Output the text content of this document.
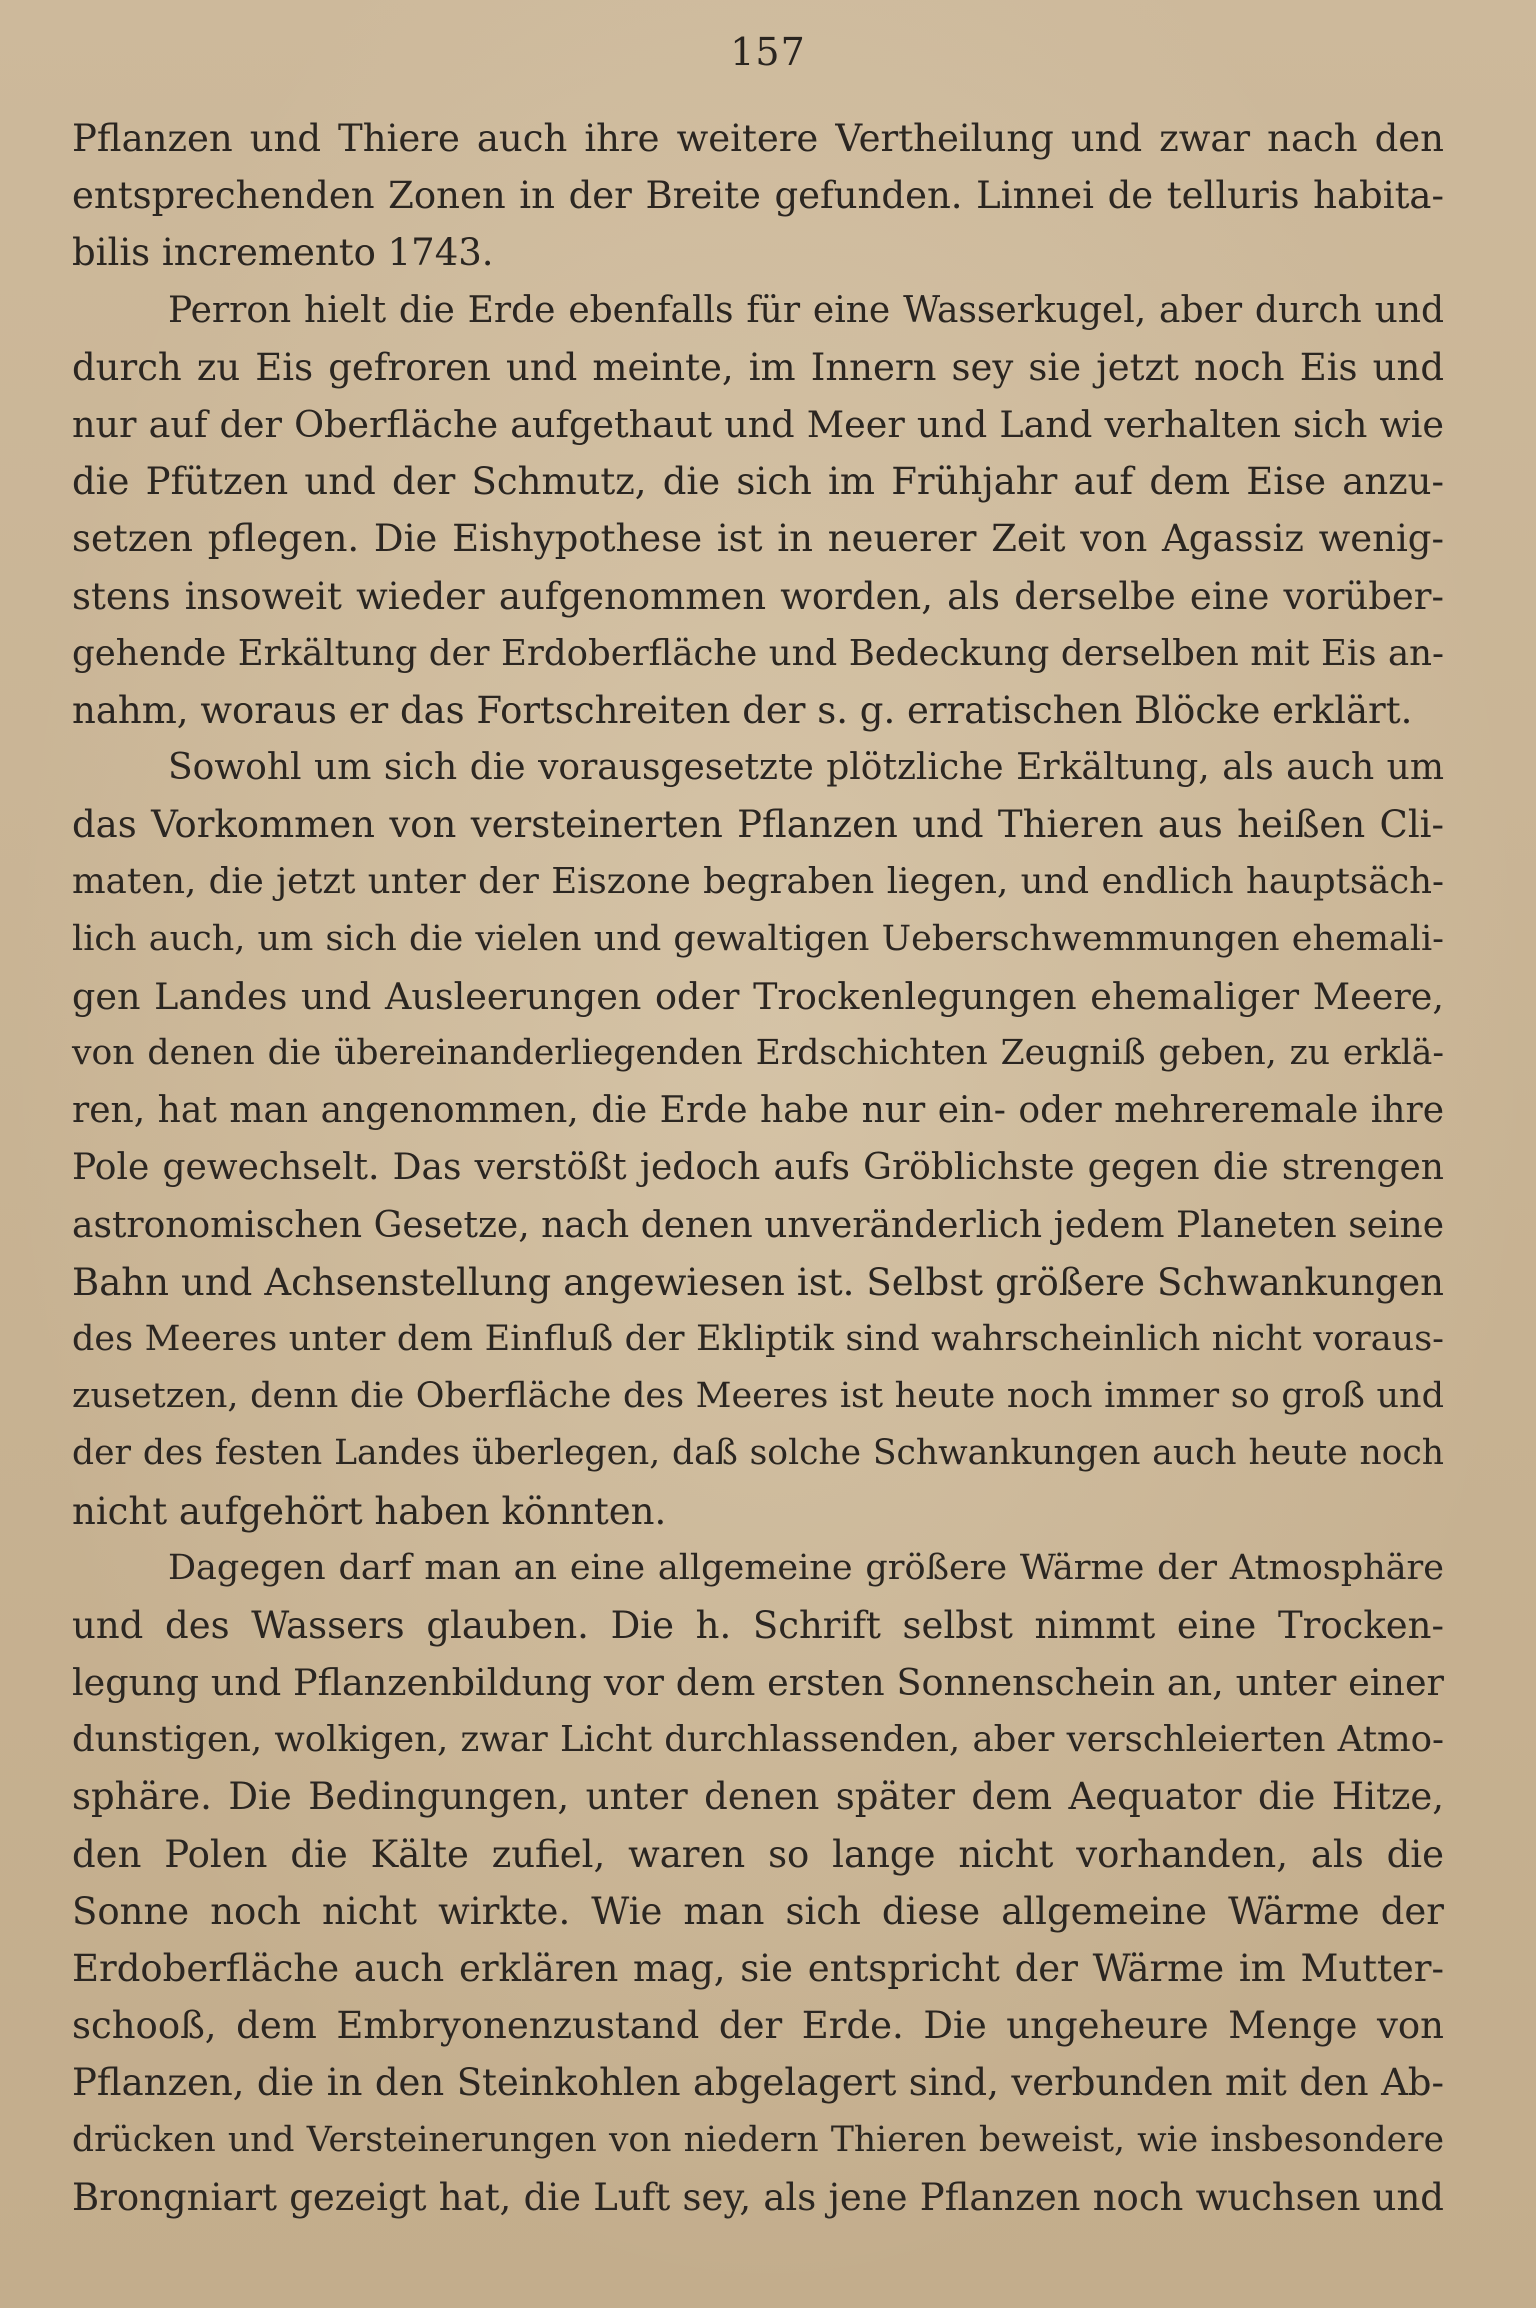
157
Pflanzen und Thiere auch ihre weitere Vertheilung und zwar nach den
entsprechenden Zonen in der Breite gefunden. Linnei de telluris habita-
bilis incremento 1743.
Perron hielt die Erde ebenfalls für eine Wasserkugel, aber durch und
durch zu Eis gefroren und meinte, im Innern sey sie jetzt noch Eis und
nur auf der Oberfläche aufgethaut und Meer und Land verhalten sich wie
die Pfützen und der Schmutz, die sich im Frühjahr auf dem Eise anzu-
setzen pflegen. Die Eishypothese ist in neuerer Zeit von Agassiz wenig-
stens insoweit wieder aufgenommen worden, als derselbe eine vorüber-
gehende Erkältung der Erdoberfläche und Bedeckung derselben mit Eis an-
nahm, woraus er das Fortschreiten der s. g. erratischen Blöcke erklärt.
Sowohl um sich die vorausgesetzte plötzliche Erkältung, als auch um
das Vorkommen von versteinerten Pflanzen und Thieren aus heißen Cli-
maten, die jetzt unter der Eiszone begraben liegen, und endlich hauptsäch-
lich auch, um sich die vielen und gewaltigen Ueberschwemmungen ehemali-
gen Landes und Ausleerungen oder Trockenlegungen ehemaliger Meere,
von denen die übereinanderliegenden Erdschichten Zeugniß geben, zu erklä-
ren, hat man angenommen, die Erde habe nur ein- oder mehreremale ihre
Pole gewechselt. Das verstößt jedoch aufs Gröblichste gegen die strengen
astronomischen Gesetze, nach denen unveränderlich jedem Planeten seine
Bahn und Achsenstellung angewiesen ist. Selbst größere Schwankungen
des Meeres unter dem Einfluß der Ekliptik sind wahrscheinlich nicht voraus-
zusetzen, denn die Oberfläche des Meeres ist heute noch immer so groß und
der des festen Landes überlegen, daß solche Schwankungen auch heute noch
nicht aufgehört haben könnten.
Dagegen darf man an eine allgemeine größere Wärme der Atmosphäre
und des Wassers glauben. Die h. Schrift selbst nimmt eine Trocken-
legung und Pflanzenbildung vor dem ersten Sonnenschein an, unter einer
dunstigen, wolkigen, zwar Licht durchlassenden, aber verschleierten Atmo-
sphäre. Die Bedingungen, unter denen später dem Aequator die Hitze,
den Polen die Kälte zufiel, waren so lange nicht vorhanden, als die
Sonne noch nicht wirkte. Wie man sich diese allgemeine Wärme der
Erdoberfläche auch erklären mag, sie entspricht der Wärme im Mutter-
schooß, dem Embryonenzustand der Erde. Die ungeheure Menge von
Pflanzen, die in den Steinkohlen abgelagert sind, verbunden mit den Ab-
drücken und Versteinerungen von niedern Thieren beweist, wie insbesondere
Brongniart gezeigt hat, die Luft sey, als jene Pflanzen noch wuchsen und
